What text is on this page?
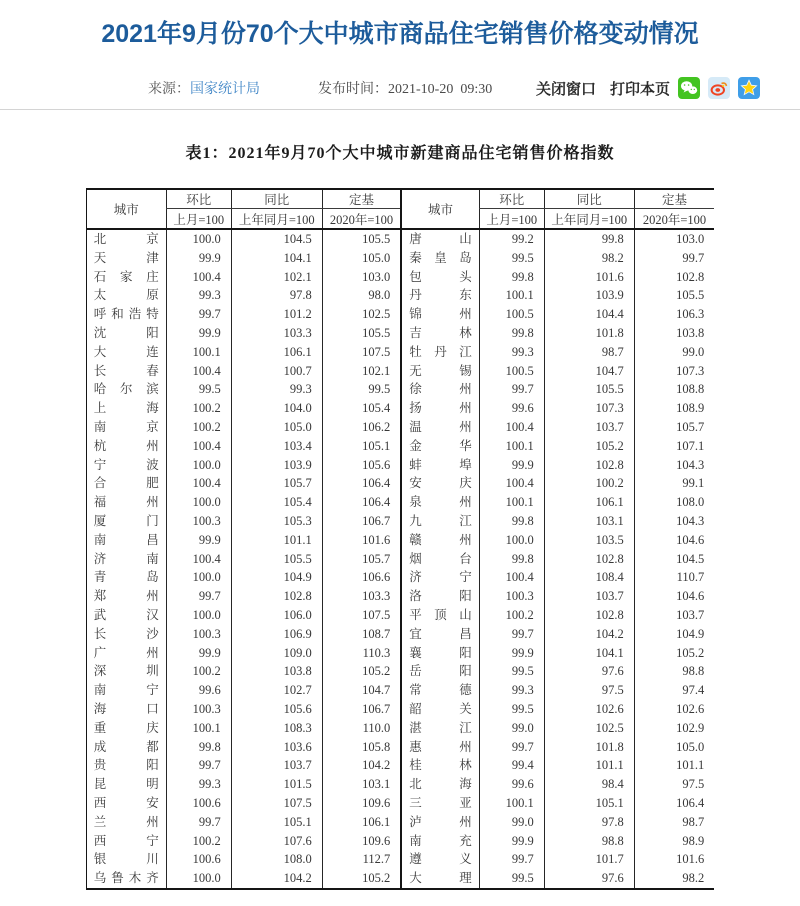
2021年9月份70个大中城市商品住宅销售价格变动情况
来源：国家统计局	发布时间：2021-10-20  09:30	关闭窗口 打印本页
表1：2021年9月70个大中城市新建商品住宅销售价格指数
城市	环比	同比	定基	城市	环比	同比	定基
	上月=100	上年同月=100	2020年=100		上月=100	上年同月=100	2020年=100
北京	100.0	104.5	105.5	唐山	99.2	99.8	103.0
天津	99.9	104.1	105.0	秦皇岛	99.5	98.2	99.7
石家庄	100.4	102.1	103.0	包头	99.8	101.6	102.8
太原	99.3	97.8	98.0	丹东	100.1	103.9	105.5
呼和浩特	99.7	101.2	102.5	锦州	100.5	104.4	106.3
沈阳	99.9	103.3	105.5	吉林	99.8	101.8	103.8
大连	100.1	106.1	107.5	牡丹江	99.3	98.7	99.0
长春	100.4	100.7	102.1	无锡	100.5	104.7	107.3
哈尔滨	99.5	99.3	99.5	徐州	99.7	105.5	108.8
上海	100.2	104.0	105.4	扬州	99.6	107.3	108.9
南京	100.2	105.0	106.2	温州	100.4	103.7	105.7
杭州	100.4	103.4	105.1	金华	100.1	105.2	107.1
宁波	100.0	103.9	105.6	蚌埠	99.9	102.8	104.3
合肥	100.4	105.7	106.4	安庆	100.4	100.2	99.1
福州	100.0	105.4	106.4	泉州	100.1	106.1	108.0
厦门	100.3	105.3	106.7	九江	99.8	103.1	104.3
南昌	99.9	101.1	101.6	赣州	100.0	103.5	104.6
济南	100.4	105.5	105.7	烟台	99.8	102.8	104.5
青岛	100.0	104.9	106.6	济宁	100.4	108.4	110.7
郑州	99.7	102.8	103.3	洛阳	100.3	103.7	104.6
武汉	100.0	106.0	107.5	平顶山	100.2	102.8	103.7
长沙	100.3	106.9	108.7	宜昌	99.7	104.2	104.9
广州	99.9	109.0	110.3	襄阳	99.9	104.1	105.2
深圳	100.2	103.8	105.2	岳阳	99.5	97.6	98.8
南宁	99.6	102.7	104.7	常德	99.3	97.5	97.4
海口	100.3	105.6	106.7	韶关	99.5	102.6	102.6
重庆	100.1	108.3	110.0	湛江	99.0	102.5	102.9
成都	99.8	103.6	105.8	惠州	99.7	101.8	105.0
贵阳	99.7	103.7	104.2	桂林	99.4	101.1	101.1
昆明	99.3	101.5	103.1	北海	99.6	98.4	97.5
西安	100.6	107.5	109.6	三亚	100.1	105.1	106.4
兰州	99.7	105.1	106.1	泸州	99.0	97.8	98.7
西宁	100.2	107.6	109.6	南充	99.9	98.8	98.9
银川	100.6	108.0	112.7	遵义	99.7	101.7	101.6
乌鲁木齐	100.0	104.2	105.2	大理	99.5	97.6	98.2
